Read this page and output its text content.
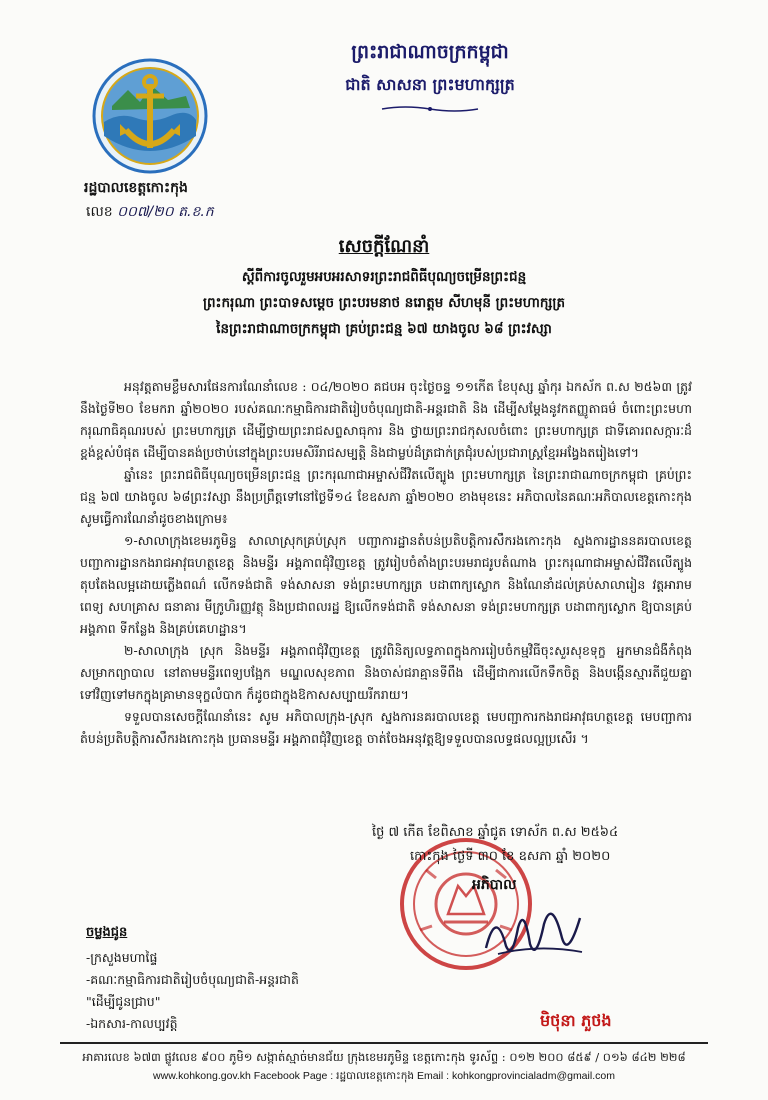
ព្រះរាជាណាចក្រកម្ពុជា
ជាតិ សាសនា ព្រះមហាក្សត្រ
រដ្ឋបាលខេត្តកោះកុង
លេខ ០០៧/២០ ត.ខ.ក
សេចក្តីណែនាំ
ស្តីពីការចូលរួមអបអរសាទរព្រះរាជពិធីបុណ្យចម្រើនព្រះជន្ម
ព្រះករុណា ព្រះបាទសម្តេច ព្រះបរមនាថ នរោត្តម សីហមុនី ព្រះមហាក្សត្រ
នៃព្រះរាជាណាចក្រកម្ពុជា គ្រប់ព្រះជន្ម ៦៧ យាងចូល ៦៨ ព្រះវស្សា

អនុវត្តតាមខ្លឹមសារផែនការណែនាំលេខ : ០៤/២០២០ គជបអ ចុះថ្ងៃចន្ទ ១១កើត ខែបុស្ស ឆ្នាំកុរ ឯកស័ក ព.ស ២៥៦៣ ត្រូវនឹងថ្ងៃទី២០ ខែមករា ឆ្នាំ២០២០ របស់គណៈកម្មាធិការជាតិរៀបចំបុណ្យជាតិ-អន្តរជាតិ និង ដើម្បីសម្តែងនូវកតញ្ញូតាធម៌ ចំពោះព្រះមហាករុណាធិគុណរបស់ ព្រះមហាក្សត្រ ដើម្បីថ្វាយព្រះរាជសព្ទសាធុការ និង ថ្វាយព្រះរាជកុសលចំពោះ ព្រះមហាក្សត្រ ជាទីគោរពសក្ការៈដ៏ខ្ពង់ខ្ពស់បំផុត ដើម្បីបានគង់ប្រថាប់នៅក្នុងព្រះបរមសិរីរាជសម្បត្តិ និងជាម្លប់ដ៏ត្រជាក់ត្រជុំរបស់ប្រជារាស្ត្រខ្មែរអង្វែងតរៀងទៅ។

ឆ្នាំនេះ ព្រះរាជពិធីបុណ្យចម្រើនព្រះជន្ម ព្រះករុណាជាអម្ចាស់ជីវិតលើត្បូង ព្រះមហាក្សត្រ នៃព្រះរាជាណាចក្រកម្ពុជា គ្រប់ព្រះជន្ម ៦៧ យាងចូល ៦៨ព្រះវស្សា នឹងប្រព្រឹត្តទៅនៅថ្ងៃទី១៤ ខែឧសភា ឆ្នាំ២០២០ ខាងមុខនេះ អភិបាលនៃគណៈអភិបាលខេត្តកោះកុង សូមធ្វើការណែនាំដូចខាងក្រោម៖

១-សាលាក្រុងខេមរភូមិន្ទ សាលាស្រុកគ្រប់ស្រុក បញ្ជាការដ្ឋានតំបន់ប្រតិបត្តិការសឹករងកោះកុង ស្នងការដ្ឋាននគរបាលខេត្ត បញ្ជាការដ្ឋានកងរាជអាវុធហត្ថខេត្ត និងមន្ទីរ អង្គភាពជុំវិញខេត្ត ត្រូវរៀបចំតាំងព្រះបរមរាជរូបតំណាង ព្រះករុណាជាអម្ចាស់ជីវិតលើត្បូង តុបតែងលម្អដោយភ្លើងពណ៌ លើកទង់ជាតិ ទង់សាសនា ទង់ព្រះមហាក្សត្រ បដាពាក្យស្លោក និងណែនាំដល់គ្រប់សាលារៀន វត្តអារាម ពេទ្យ សហគ្រាស ធនាគារ មីក្រូហិរញ្ញវត្ថុ និងប្រជាពលរដ្ឋ ឱ្យលើកទង់ជាតិ ទង់សាសនា ទង់ព្រះមហាក្សត្រ បដាពាក្យស្លោក ឱ្យបានគ្រប់អង្គភាព ទីកន្លែង និងគ្រប់គេហដ្ឋាន។

២-សាលាក្រុង ស្រុក និងមន្ទីរ អង្គភាពជុំវិញខេត្ត ត្រូវពិនិត្យលទ្ធភាពក្នុងការរៀបចំកម្មវិធីចុះសួរសុខទុក្ខ អ្នកមានជំងឺកំពុងសម្រាកព្យាបាល នៅតាមមន្ទីរពេទ្យបង្អែក មណ្ឌលសុខភាព និងចាស់ជរាគ្មានទីពឹង ដើម្បីជាការលើកទឹកចិត្ត និងបង្កើនស្មារតីជួយគ្នាទៅវិញទៅមកក្នុងគ្រាមានទុក្ខលំបាក ក៏ដូចជាក្នុងឱកាសសប្បាយរីករាយ។

ទទួលបានសេចក្តីណែនាំនេះ សូម អភិបាលក្រុង-ស្រុក ស្នងការនគរបាលខេត្ត មេបញ្ជាការកងរាជអាវុធហត្ថខេត្ត មេបញ្ជាការតំបន់ប្រតិបត្តិការសឹករងកោះកុង ប្រធានមន្ទីរ អង្គភាពជុំវិញខេត្ត ចាត់ចែងអនុវត្តឱ្យទទួលបានលទ្ធផលល្អប្រសើរ ។

ថ្ងៃ ៧ កើត ខែពិសាខ ឆ្នាំជូត ទោស័ក ព.ស ២៥៦៤
កោះកុង ថ្ងៃទី ៣០ ខែ ឧសភា ឆ្នាំ ២០២០
អភិបាល
មិថុនា ភួថង
ចម្លងជូន
-ក្រសួងមហាផ្ទៃ
-គណៈកម្មាធិការជាតិរៀបចំបុណ្យជាតិ-អន្តរជាតិ
"ដើម្បីជូនជ្រាប"
-ឯកសារ-កាលប្បវត្តិ
អាគារលេខ ៦៧៣ ផ្លូវលេខ ៩០០ ភូមិ១ សង្កាត់ស្មាច់មានជ័យ ក្រុងខេមរភូមិន្ទ ខេត្តកោះកុង ទូរស័ព្ទ : ០១២ ២០០ ៨៥៩ / ០១៦ ៨៤២ ២២៨
www.kohkong.gov.kh Facebook Page : រដ្ឋបាលខេត្តកោះកុង Email : kohkongprovincialadm@gmail.com
